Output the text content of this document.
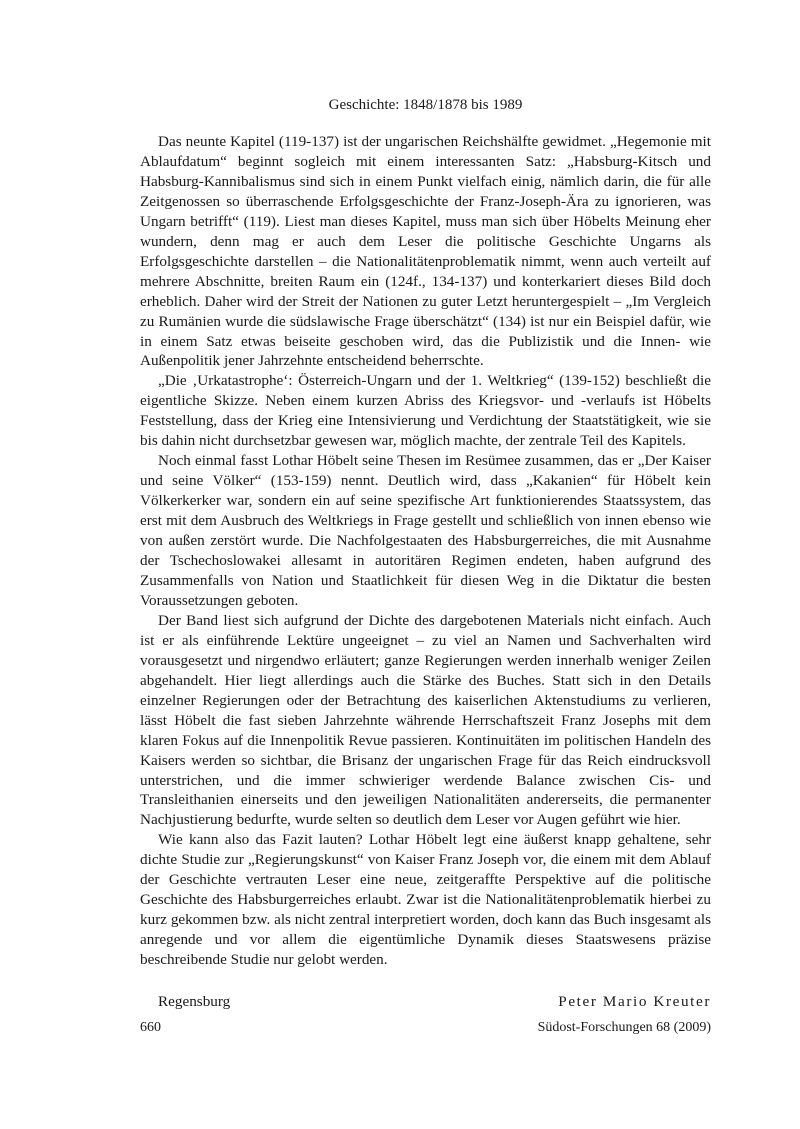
Geschichte: 1848/1878 bis 1989

Das neunte Kapitel (119-137) ist der ungarischen Reichshälfte gewidmet. „Hegemonie mit Ablaufdatum“ beginnt sogleich mit einem interessanten Satz: „Habsburg-Kitsch und Habsburg-Kannibalismus sind sich in einem Punkt vielfach einig, nämlich darin, die für alle Zeitgenossen so überraschende Erfolgsgeschichte der Franz-Joseph-Ära zu ignorieren, was Ungarn betrifft“ (119). Liest man dieses Kapitel, muss man sich über Höbelts Meinung eher wundern, denn mag er auch dem Leser die politische Geschichte Ungarns als Erfolgsgeschichte darstellen – die Nationalitätenproblematik nimmt, wenn auch verteilt auf mehrere Abschnitte, breiten Raum ein (124f., 134-137) und konterkariert dieses Bild doch erheblich. Daher wird der Streit der Nationen zu guter Letzt heruntergespielt – „Im Vergleich zu Rumänien wurde die südslawische Frage überschätzt“ (134) ist nur ein Beispiel dafür, wie in einem Satz etwas beiseite geschoben wird, das die Publizistik und die Innen- wie Außenpolitik jener Jahrzehnte entscheidend beherrschte.

„Die ‚Urkatastrophe‘: Österreich-Ungarn und der 1. Weltkrieg“ (139-152) beschließt die eigentliche Skizze. Neben einem kurzen Abriss des Kriegsvor- und -verlaufs ist Höbelts Feststellung, dass der Krieg eine Intensivierung und Verdichtung der Staatstätigkeit, wie sie bis dahin nicht durchsetzbar gewesen war, möglich machte, der zentrale Teil des Kapitels.

Noch einmal fasst Lothar Höbelt seine Thesen im Resümee zusammen, das er „Der Kaiser und seine Völker“ (153-159) nennt. Deutlich wird, dass „Kakanien“ für Höbelt kein Völkerkerker war, sondern ein auf seine spezifische Art funktionierendes Staatssystem, das erst mit dem Ausbruch des Weltkriegs in Frage gestellt und schließlich von innen ebenso wie von außen zerstört wurde. Die Nachfolgestaaten des Habsburgerreiches, die mit Ausnahme der Tschechoslowakei allesamt in autoritären Regimen endeten, haben aufgrund des Zusammenfalls von Nation und Staatlichkeit für diesen Weg in die Diktatur die besten Voraussetzungen geboten.

Der Band liest sich aufgrund der Dichte des dargebotenen Materials nicht einfach. Auch ist er als einführende Lektüre ungeeignet – zu viel an Namen und Sachverhalten wird vorausgesetzt und nirgendwo erläutert; ganze Regierungen werden innerhalb weniger Zeilen abgehandelt. Hier liegt allerdings auch die Stärke des Buches. Statt sich in den Details einzelner Regierungen oder der Betrachtung des kaiserlichen Aktenstudiums zu verlieren, lässt Höbelt die fast sieben Jahrzehnte währende Herrschaftszeit Franz Josephs mit dem klaren Fokus auf die Innenpolitik Revue passieren. Kontinuitäten im politischen Handeln des Kaisers werden so sichtbar, die Brisanz der ungarischen Frage für das Reich eindrucksvoll unterstrichen, und die immer schwieriger werdende Balance zwischen Cis- und Transleithanien einerseits und den jeweiligen Nationalitäten andererseits, die permanenter Nachjustierung bedurfte, wurde selten so deutlich dem Leser vor Augen geführt wie hier.

Wie kann also das Fazit lauten? Lothar Höbelt legt eine äußerst knapp gehaltene, sehr dichte Studie zur „Regierungskunst“ von Kaiser Franz Joseph vor, die einem mit dem Ablauf der Geschichte vertrauten Leser eine neue, zeitgeraffte Perspektive auf die politische Geschichte des Habsburgerreiches erlaubt. Zwar ist die Nationalitätenproblematik hierbei zu kurz gekommen bzw. als nicht zentral interpretiert worden, doch kann das Buch insgesamt als anregende und vor allem die eigentümliche Dynamik dieses Staatswesens präzise beschreibende Studie nur gelobt werden.

Regensburg	Peter Mario Kreuter
660	Südost-Forschungen 68 (2009)
